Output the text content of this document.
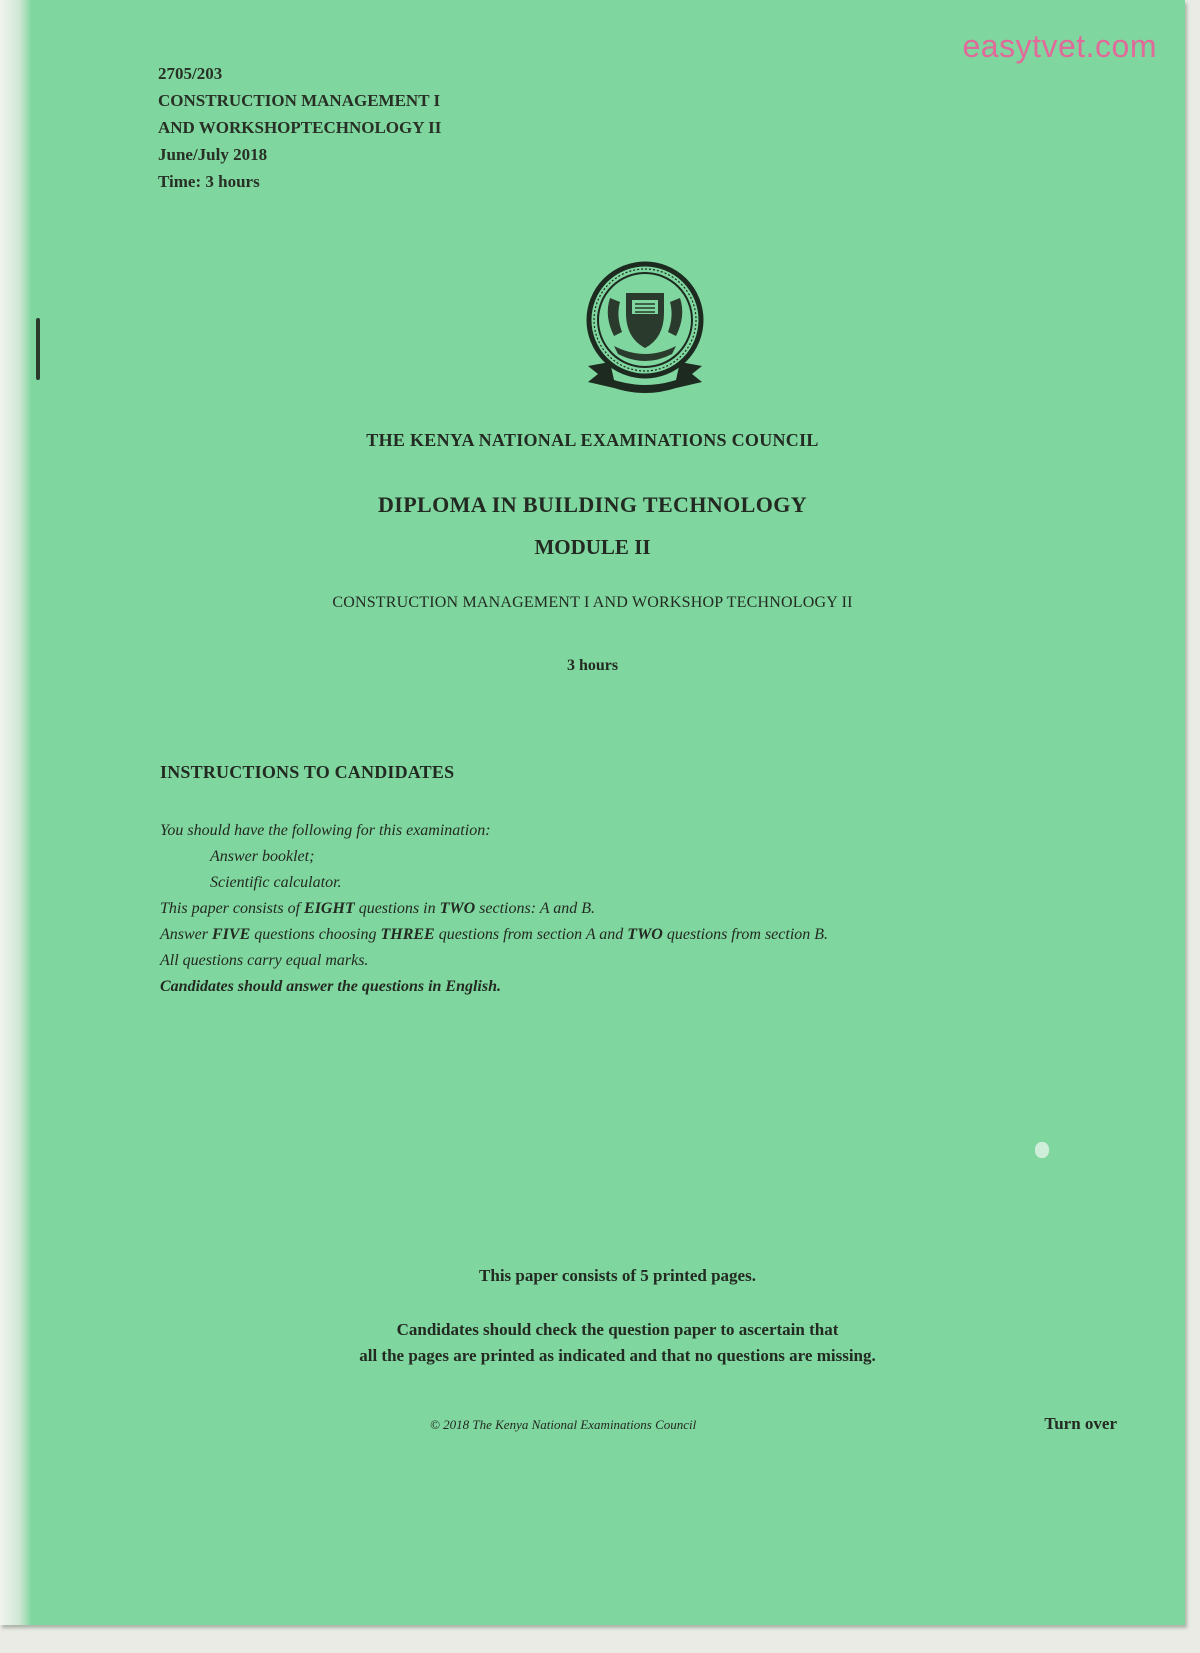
easytvet.com
2705/203
CONSTRUCTION MANAGEMENT I
AND WORKSHOPTECHNOLOGY II
June/July 2018
Time: 3 hours
THE KENYA NATIONAL EXAMINATIONS COUNCIL
DIPLOMA IN BUILDING TECHNOLOGY
MODULE II
CONSTRUCTION MANAGEMENT I AND WORKSHOP TECHNOLOGY II
3 hours
INSTRUCTIONS TO CANDIDATES
You should have the following for this examination:
Answer booklet;
Scientific calculator.
This paper consists of EIGHT questions in TWO sections: A and B.
Answer FIVE questions choosing THREE questions from section A and TWO questions from section B.
All questions carry equal marks.
Candidates should answer the questions in English.
This paper consists of 5 printed pages.
Candidates should check the question paper to ascertain that
all the pages are printed as indicated and that no questions are missing.
© 2018 The Kenya National Examinations Council	Turn over
